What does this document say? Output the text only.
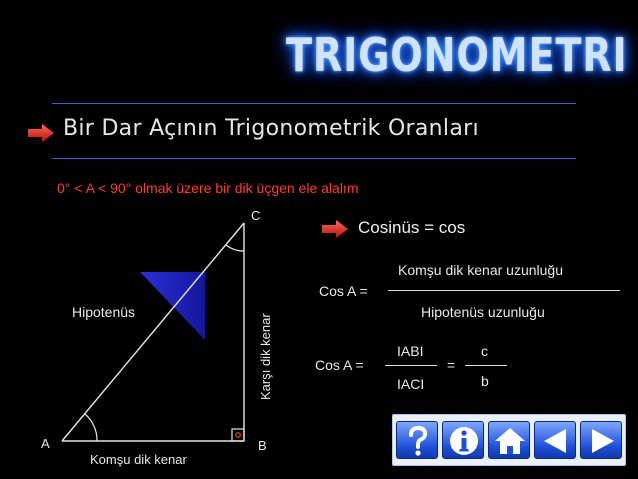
TRIGONOMETRI
Bir Dar Açının Trigonometrik Oranları
0° < A < 90° olmak üzere bir dik üçgen ele alalım
C
A	B
Hipotenüs
Komşu dik kenar
Karşı dik kenar
Cosinüs = cos
Cos A =
Komşu dik kenar uzunluğu
Hipotenüs uzunluğu
Cos A =
IABI
IACI
=
c
b
